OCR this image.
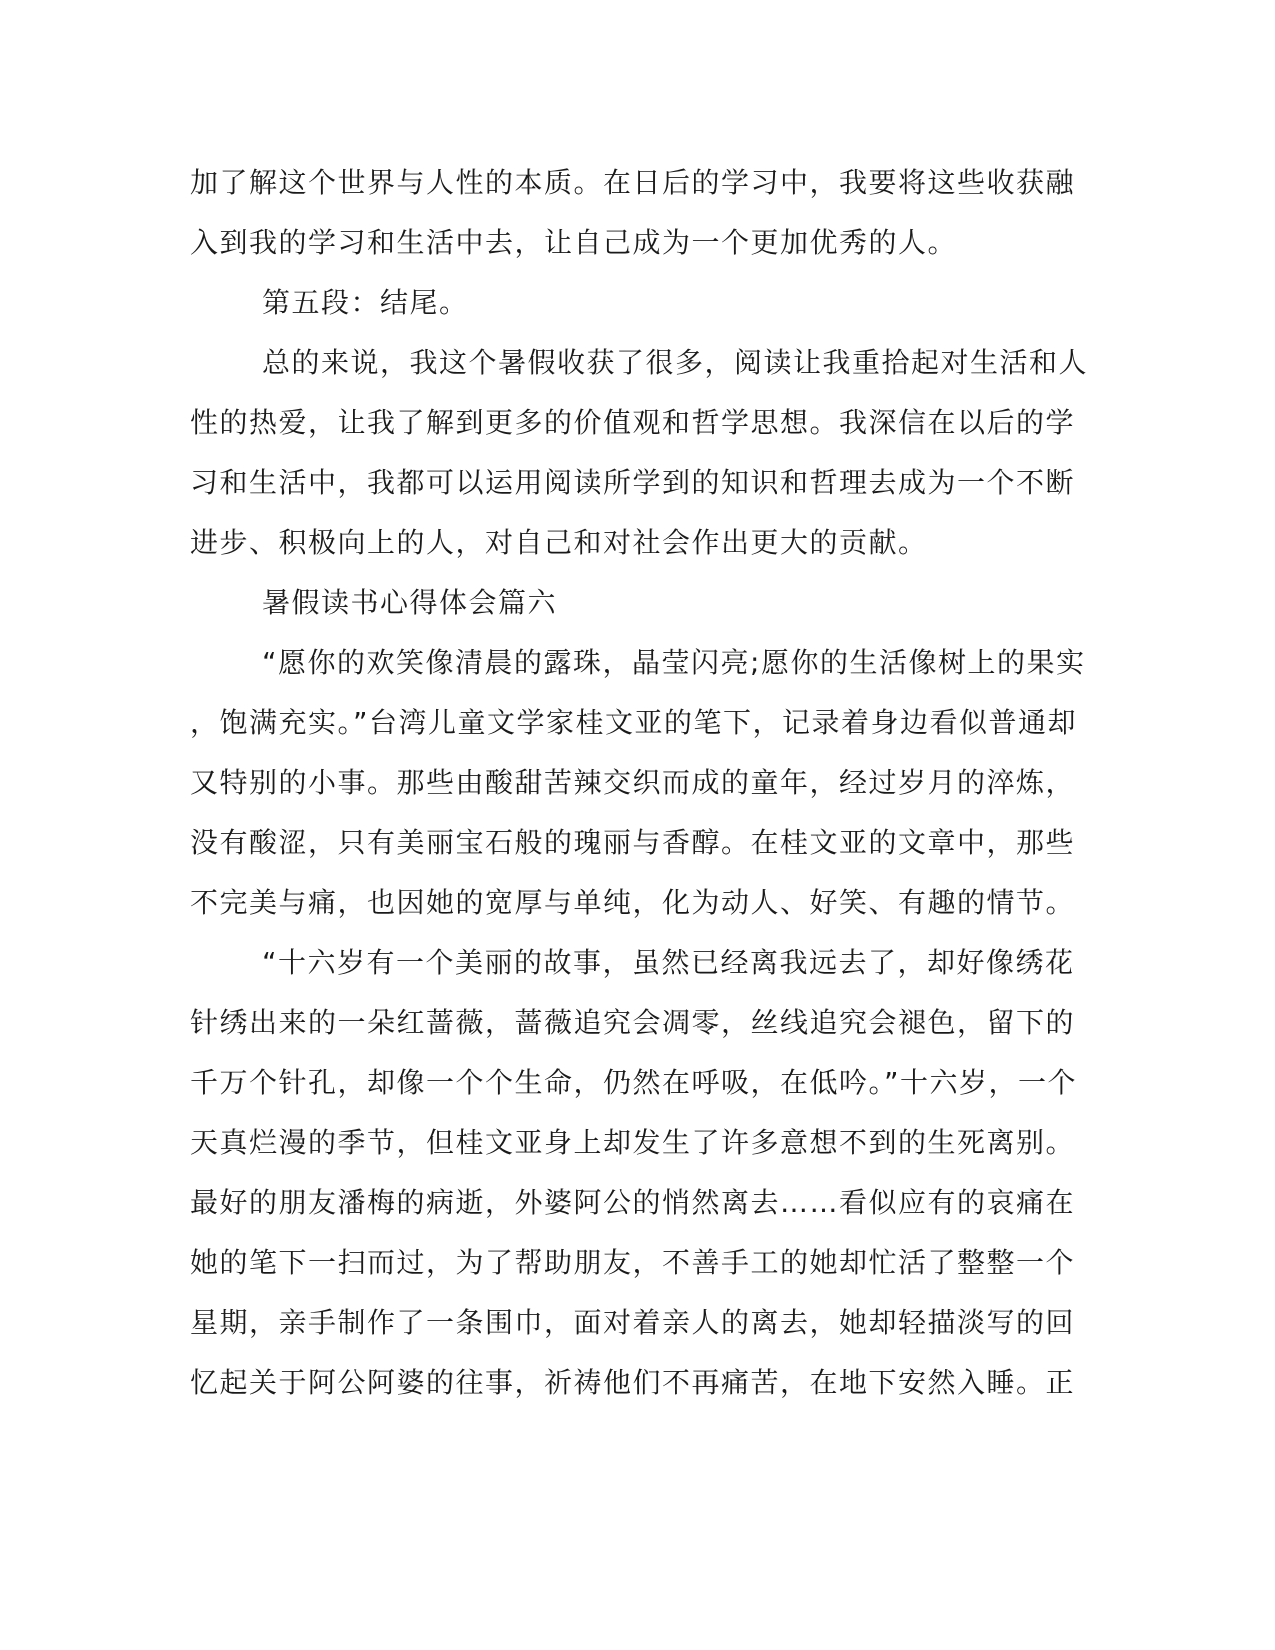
加了解这个世界与人性的本质。在日后的学习中，我要将这些收获融
入到我的学习和生活中去，让自己成为一个更加优秀的人。
第五段：结尾。
总的来说，我这个暑假收获了很多，阅读让我重拾起对生活和人
性的热爱，让我了解到更多的价值观和哲学思想。我深信在以后的学
习和生活中，我都可以运用阅读所学到的知识和哲理去成为一个不断
进步、积极向上的人，对自己和对社会作出更大的贡献。
暑假读书心得体会篇六
“愿你的欢笑像清晨的露珠，晶莹闪亮;愿你的生活像树上的果实
，饱满充实。”台湾儿童文学家桂文亚的笔下，记录着身边看似普通却
又特别的小事。那些由酸甜苦辣交织而成的童年，经过岁月的淬炼，
没有酸涩，只有美丽宝石般的瑰丽与香醇。在桂文亚的文章中，那些
不完美与痛，也因她的宽厚与单纯，化为动人、好笑、有趣的情节。
“十六岁有一个美丽的故事，虽然已经离我远去了，却好像绣花
针绣出来的一朵红蔷薇，蔷薇追究会凋零，丝线追究会褪色，留下的
千万个针孔，却像一个个生命，仍然在呼吸，在低吟。”十六岁，一个
天真烂漫的季节，但桂文亚身上却发生了许多意想不到的生死离别。
最好的朋友潘梅的病逝，外婆阿公的悄然离去……看似应有的哀痛在
她的笔下一扫而过，为了帮助朋友，不善手工的她却忙活了整整一个
星期，亲手制作了一条围巾，面对着亲人的离去，她却轻描淡写的回
忆起关于阿公阿婆的往事，祈祷他们不再痛苦，在地下安然入睡。正
